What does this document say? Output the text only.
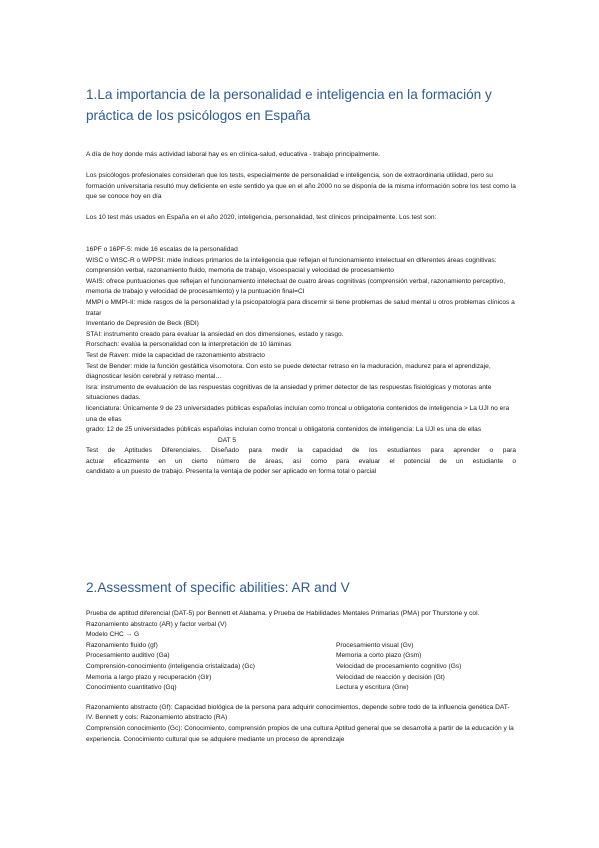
1.La importancia de la personalidad e inteligencia en la formación y práctica de los psicólogos en España

A día de hoy donde más actividad laboral hay es en clínica-salud, educativa - trabajo principalmente.

Los psicólogos profesionales consideran que los tests, especialmente de personalidad e inteligencia, son de extraordinaria utilidad, pero su formación universitaria resultó muy deficiente en este sentido ya que en el año 2000 no se disponía de la misma información sobre los test como la que se conoce hoy en día

Los 10 test más usados en España en el año 2020, inteligencia, personalidad, test clínicos principalmente. Los test son:

16PF o 16PF-5: mide 16 escalas de la personalidad

WISC o WISC-R o WPPSI: mide índices primarios de la inteligencia que reflejan el funcionamiento intelectual en diferentes áreas cognitivas: comprensión verbal, razonamiento fluido, memoria de trabajo, visoespacial y velocidad de procesamiento

WAIS: ofrece puntuaciones que reflejan el funcionamiento intelectual de cuatro áreas cognitivas (comprensión verbal, razonamiento perceptivo, memoria de trabajo y velocidad de procesamiento) y la puntuación final=CI

MMPI o MMPI-II: mide rasgos de la personalidad y la psicopatología para discernir si tiene problemas de salud mental u otros problemas clínicos a tratar

Inventario de Depresión de Beck (BDI)

STAI: instrumento creado para evaluar la ansiedad en dos dimensiones, estado y rasgo.

Rorschach: evalúa la personalidad con la interpretación de 10 láminas

Test de Raven: mide la capacidad de razonamiento abstracto

Test de Bender: mide la función gestáltica visomotora. Con esto se puede detectar retraso en la maduración, madurez para el aprendizaje, diagnosticar lesión cerebral y retraso mental…

Isra: instrumento de evaluación de las respuestas cognitivas de la ansiedad y primer detector de las respuestas fisiológicas y motoras ante situaciones dadas.

licenciatura: Únicamente 9 de 23 universidades públicas españolas incluían como troncal u obligatoria contenidos de inteligencia > La UJI no era una de ellas

grado: 12 de 25 universidades públicas españolas incluían como troncal u obligatoria contenidos de inteligencia: La UJI es una de ellas

DAT 5

Test de Aptitudes Diferenciales. Diseñado para medir la capacidad de los estudiantes para aprender o para

actuar eficazmente en un cierto número de áreas, así como para evaluar el potencial de un estudiante o

candidato a un puesto de trabajo. Presenta la ventaja de poder ser aplicado en forma total o parcial

2.Assessment of specific abilities: AR and V

Prueba de aptitud diferencial (DAT-5) por Bennett et Alabama. y Prueba de Habilidades Mentales Primarias (PMA) por Thurstone y col. Razonamiento abstracto (AR) y factor verbal (V)

Modelo CHC → G

Razonamiento fluido (gf)	Procesamiento visual (Gv)

Procesamiento auditivo (Ga)	Memoria a corto plazo (Gsm)

Comprensión-conocimiento (inteligencia cristalizada) (Gc)	Velocidad de procesamiento cognitivo (Gs)

Memoria a largo plazo y recuperación (Glr)	Velocidad de reacción y decisión (Gt)

Conocimiento cuantitativo (Gq)	Lectura y escritura (Grw)

Razonamiento abstracto (Gf): Capacidad biológica de la persona para adquirir conocimientos, depende sobre todo de la influencia genética DAT-IV. Bennett y cols: Razonamiento abstracto (RA)

Comprensión conocimiento (Gc): Conocimiento, comprensión propios de una cultura Aptitud general que se desarrolla a partir de la educación y la experiencia. Conocimiento cultural que se adquiere mediante un proceso de aprendizaje
